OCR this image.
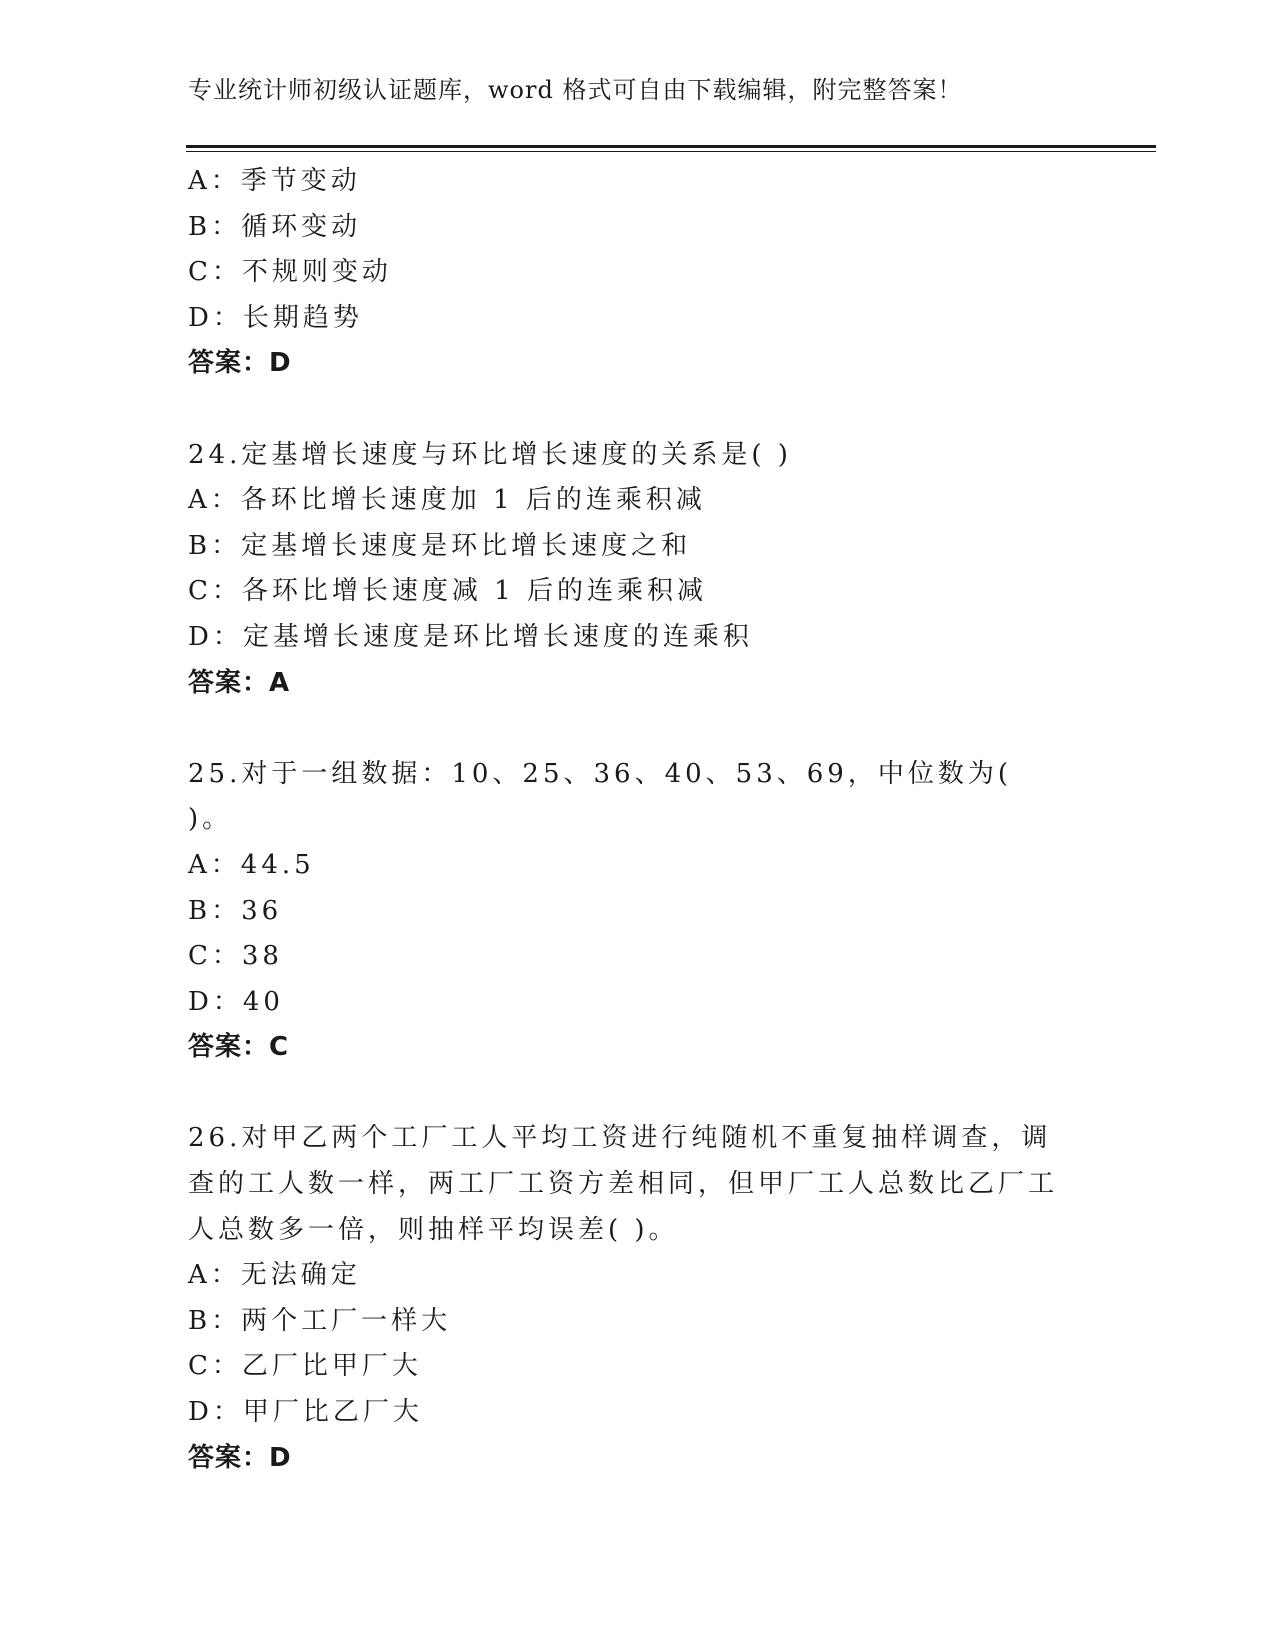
专业统计师初级认证题库，word 格式可自由下载编辑，附完整答案！
A：季节变动
B：循环变动
C：不规则变动
D：长期趋势
答案：D
24.定基增长速度与环比增长速度的关系是( )
A：各环比增长速度加 1 后的连乘积减
B：定基增长速度是环比增长速度之和
C：各环比增长速度减 1 后的连乘积减
D：定基增长速度是环比增长速度的连乘积
答案：A
25.对于一组数据：10、25、36、40、53、69，中位数为( )。
A：44.5
B：36
C：38
D：40
答案：C
26.对甲乙两个工厂工人平均工资进行纯随机不重复抽样调查，调查的工人数一样，两工厂工资方差相同，但甲厂工人总数比乙厂工人总数多一倍，则抽样平均误差( )。
A：无法确定
B：两个工厂一样大
C：乙厂比甲厂大
D：甲厂比乙厂大
答案：D
